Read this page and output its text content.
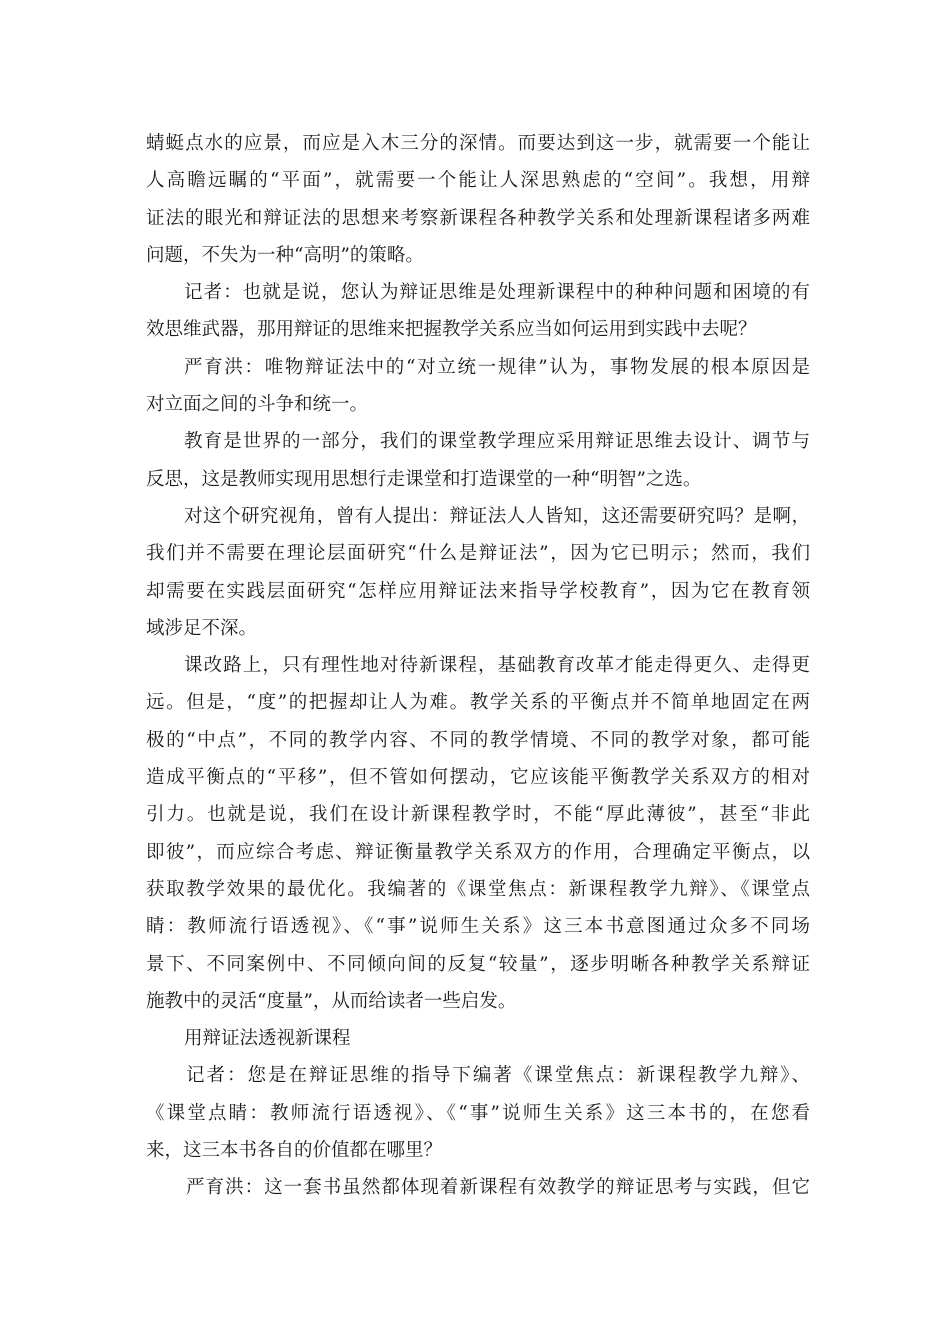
蜻蜓点水的应景，而应是入木三分的深情。而要达到这一步，就需要一个能让
人高瞻远瞩的“平面”，就需要一个能让人深思熟虑的“空间”。我想，用辩
证法的眼光和辩证法的思想来考察新课程各种教学关系和处理新课程诸多两难
问题，不失为一种“高明”的策略。
记者：也就是说，您认为辩证思维是处理新课程中的种种问题和困境的有
效思维武器，那用辩证的思维来把握教学关系应当如何运用到实践中去呢？
严育洪：唯物辩证法中的“对立统一规律”认为，事物发展的根本原因是
对立面之间的斗争和统一。
教育是世界的一部分，我们的课堂教学理应采用辩证思维去设计、调节与
反思，这是教师实现用思想行走课堂和打造课堂的一种“明智”之选。
对这个研究视角，曾有人提出：辩证法人人皆知，这还需要研究吗？是啊，
我们并不需要在理论层面研究“什么是辩证法”，因为它已明示；然而，我们
却需要在实践层面研究“怎样应用辩证法来指导学校教育”，因为它在教育领
域涉足不深。
课改路上，只有理性地对待新课程，基础教育改革才能走得更久、走得更
远。但是，“度”的把握却让人为难。教学关系的平衡点并不简单地固定在两
极的“中点”，不同的教学内容、不同的教学情境、不同的教学对象，都可能
造成平衡点的“平移”，但不管如何摆动，它应该能平衡教学关系双方的相对
引力。也就是说，我们在设计新课程教学时，不能“厚此薄彼”，甚至“非此
即彼”，而应综合考虑、辩证衡量教学关系双方的作用，合理确定平衡点，以
获取教学效果的最优化。我编著的《课堂焦点：新课程教学九辩》、《课堂点
睛：教师流行语透视》、《“事”说师生关系》这三本书意图通过众多不同场
景下、不同案例中、不同倾向间的反复“较量”，逐步明晰各种教学关系辩证
施教中的灵活“度量”，从而给读者一些启发。
用辩证法透视新课程
记者：您是在辩证思维的指导下编著《课堂焦点：新课程教学九辩》、
《课堂点睛：教师流行语透视》、《“事”说师生关系》这三本书的，在您看
来，这三本书各自的价值都在哪里？
严育洪：这一套书虽然都体现着新课程有效教学的辩证思考与实践，但它
